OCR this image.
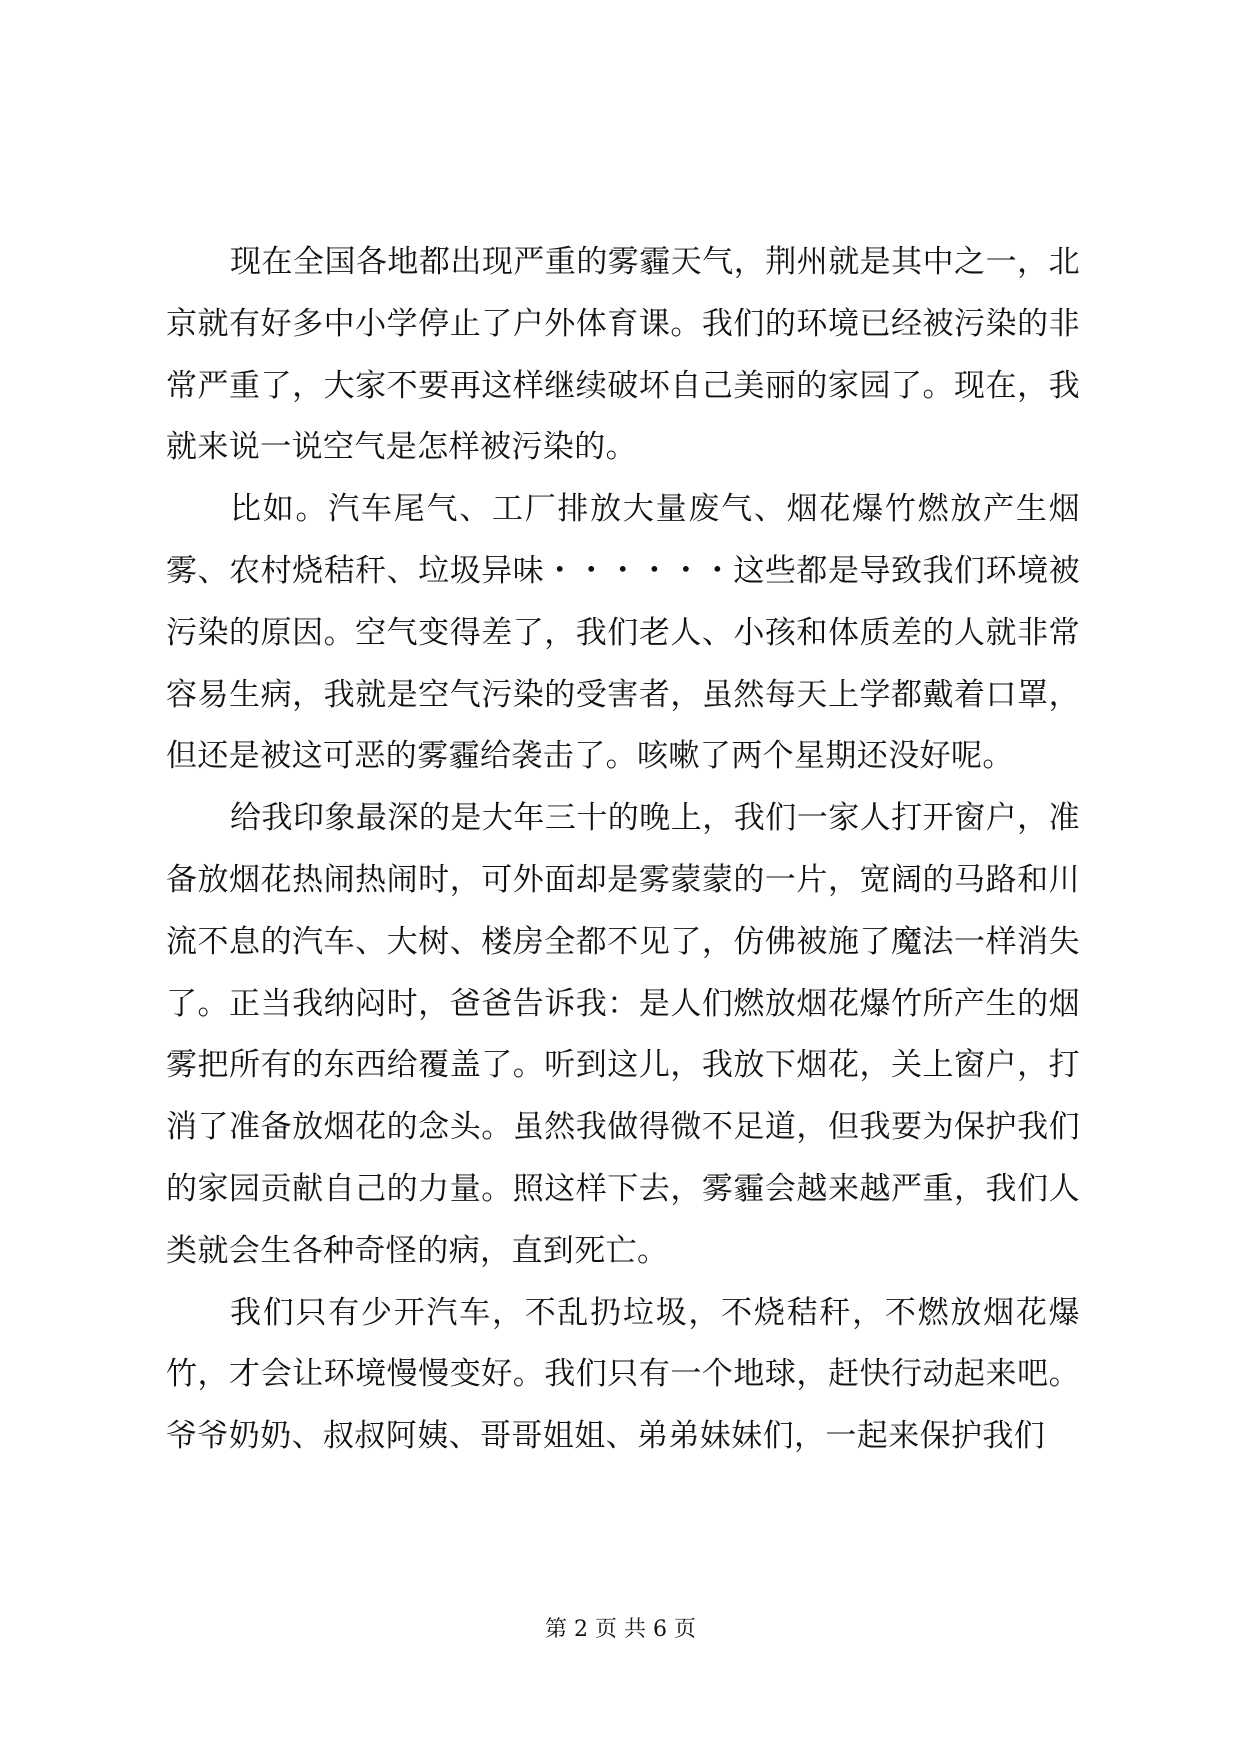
现在全国各地都出现严重的雾霾天气，荆州就是其中之一，北京就有好多中小学停止了户外体育课。我们的环境已经被污染的非常严重了，大家不要再这样继续破坏自己美丽的家园了。现在，我就来说一说空气是怎样被污染的。

比如。汽车尾气、工厂排放大量废气、烟花爆竹燃放产生烟雾、农村烧秸秆、垃圾异味・・・・・・这些都是导致我们环境被污染的原因。空气变得差了，我们老人、小孩和体质差的人就非常容易生病，我就是空气污染的受害者，虽然每天上学都戴着口罩，但还是被这可恶的雾霾给袭击了。咳嗽了两个星期还没好呢。

给我印象最深的是大年三十的晚上，我们一家人打开窗户，准备放烟花热闹热闹时，可外面却是雾蒙蒙的一片，宽阔的马路和川流不息的汽车、大树、楼房全都不见了，仿佛被施了魔法一样消失了。正当我纳闷时，爸爸告诉我：是人们燃放烟花爆竹所产生的烟雾把所有的东西给覆盖了。听到这儿，我放下烟花，关上窗户，打消了准备放烟花的念头。虽然我做得微不足道，但我要为保护我们的家园贡献自己的力量。照这样下去，雾霾会越来越严重，我们人类就会生各种奇怪的病，直到死亡。

我们只有少开汽车，不乱扔垃圾，不烧秸秆，不燃放烟花爆竹，才会让环境慢慢变好。我们只有一个地球，赶快行动起来吧。爷爷奶奶、叔叔阿姨、哥哥姐姐、弟弟妹妹们，一起来保护我们

第 2 页 共 6 页
